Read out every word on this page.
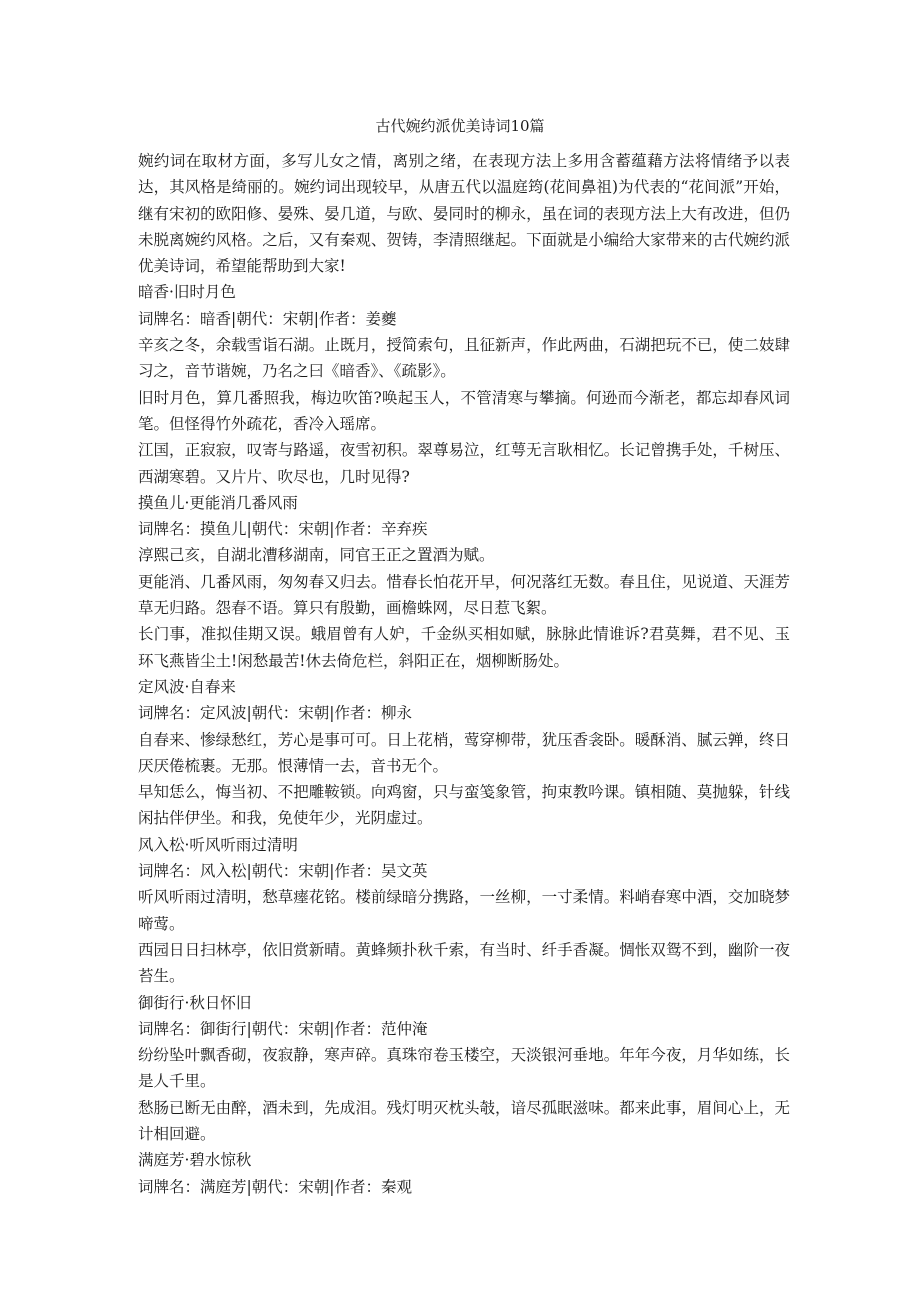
古代婉约派优美诗词10篇

婉约词在取材方面，多写儿女之情，离别之绪，在表现方法上多用含蓄蕴藉方法将情绪予以表达，其风格是绮丽的。婉约词出现较早，从唐五代以温庭筠(花间鼻祖)为代表的“花间派”开始，继有宋初的欧阳修、晏殊、晏几道，与欧、晏同时的柳永，虽在词的表现方法上大有改进，但仍未脱离婉约风格。之后，又有秦观、贺铸，李清照继起。下面就是小编给大家带来的古代婉约派优美诗词，希望能帮助到大家!

暗香·旧时月色

词牌名：暗香|朝代：宋朝|作者：姜夔

辛亥之冬，余载雪诣石湖。止既月，授简索句，且征新声，作此两曲，石湖把玩不已，使二妓肆习之，音节谐婉，乃名之曰《暗香》、《疏影》。

旧时月色，算几番照我，梅边吹笛?唤起玉人，不管清寒与攀摘。何逊而今渐老，都忘却春风词笔。但怪得竹外疏花，香冷入瑶席。

江国，正寂寂，叹寄与路遥，夜雪初积。翠尊易泣，红萼无言耿相忆。长记曾携手处，千树压、西湖寒碧。又片片、吹尽也，几时见得?

摸鱼儿·更能消几番风雨

词牌名：摸鱼儿|朝代：宋朝|作者：辛弃疾

淳熙己亥，自湖北漕移湖南，同官王正之置酒为赋。

更能消、几番风雨，匆匆春又归去。惜春长怕花开早，何况落红无数。春且住，见说道、天涯芳草无归路。怨春不语。算只有殷勤，画檐蛛网，尽日惹飞絮。

长门事，准拟佳期又误。蛾眉曾有人妒，千金纵买相如赋，脉脉此情谁诉?君莫舞，君不见、玉环飞燕皆尘土!闲愁最苦!休去倚危栏，斜阳正在，烟柳断肠处。

定风波·自春来

词牌名：定风波|朝代：宋朝|作者：柳永

自春来、惨绿愁红，芳心是事可可。日上花梢，莺穿柳带，犹压香衾卧。暖酥消、腻云亸，终日厌厌倦梳裹。无那。恨薄情一去，音书无个。

早知恁么，悔当初、不把雕鞍锁。向鸡窗，只与蛮笺象管，拘束教吟课。镇相随、莫抛躲，针线闲拈伴伊坐。和我，免使年少，光阴虚过。

风入松·听风听雨过清明

词牌名：风入松|朝代：宋朝|作者：吴文英

听风听雨过清明，愁草瘗花铭。楼前绿暗分携路，一丝柳，一寸柔情。料峭春寒中酒，交加晓梦啼莺。

西园日日扫林亭，依旧赏新晴。黄蜂频扑秋千索，有当时、纤手香凝。惆怅双鸳不到，幽阶一夜苔生。

御街行·秋日怀旧

词牌名：御街行|朝代：宋朝|作者：范仲淹

纷纷坠叶飘香砌，夜寂静，寒声碎。真珠帘卷玉楼空，天淡银河垂地。年年今夜，月华如练，长是人千里。

愁肠已断无由醉，酒未到，先成泪。残灯明灭枕头攲，谙尽孤眠滋味。都来此事，眉间心上，无计相回避。

满庭芳·碧水惊秋

词牌名：满庭芳|朝代：宋朝|作者：秦观
